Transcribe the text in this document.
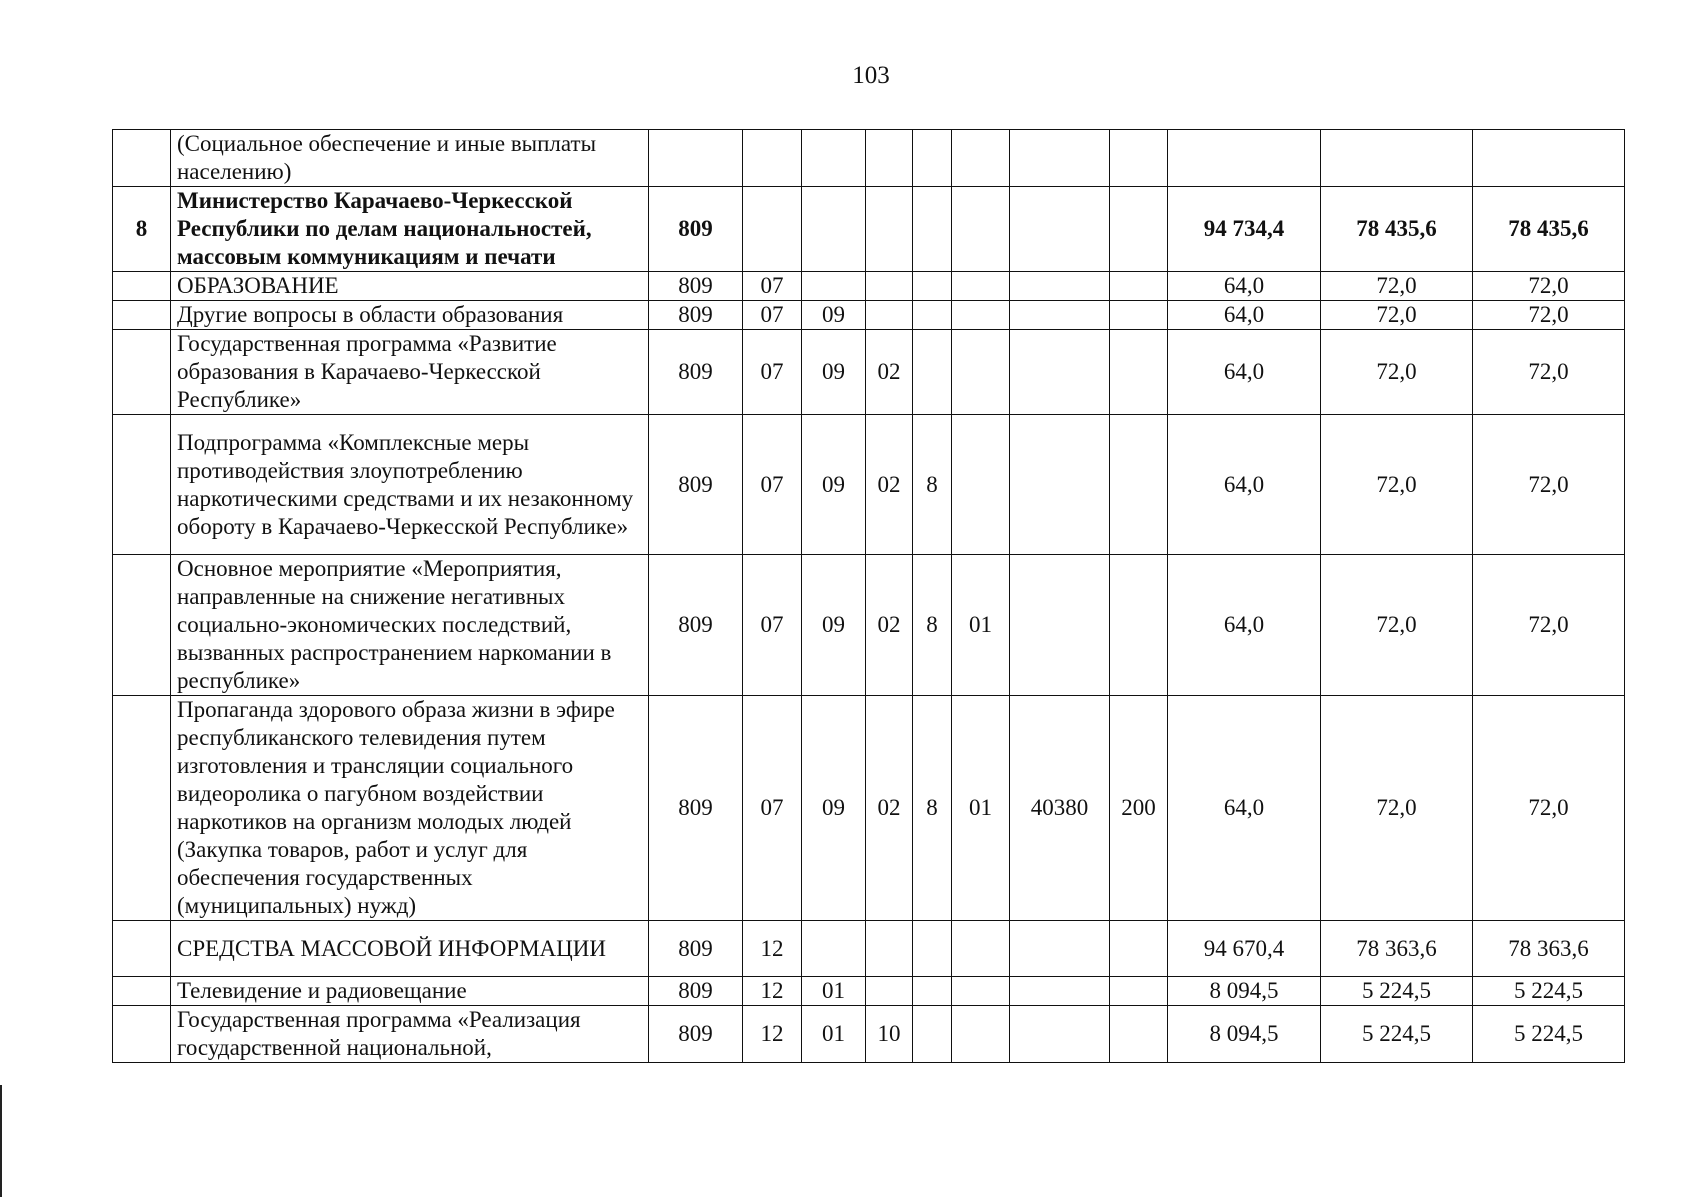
103
	(Социальное обеспечение и иные выплаты населению)											
8	Министерство Карачаево-Черкесской Республики по делам национальностей, массовым коммуникациям и печати	809								94 734,4	78 435,6	78 435,6
	ОБРАЗОВАНИЕ	809	07							64,0	72,0	72,0
	Другие вопросы в области образования	809	07	09						64,0	72,0	72,0
	Государственная программа «Развитие образования в Карачаево-Черкесской Республике»	809	07	09	02					64,0	72,0	72,0
	Подпрограмма «Комплексные меры противодействия злоупотреблению наркотическими средствами и их незаконному обороту в Карачаево-Черкесской Республике»	809	07	09	02	8				64,0	72,0	72,0
	Основное мероприятие «Мероприятия, направленные на снижение негативных социально-экономических последствий, вызванных распространением наркомании в республике»	809	07	09	02	8	01			64,0	72,0	72,0
	Пропаганда здорового образа жизни в эфире республиканского телевидения путем изготовления и трансляции социального видеоролика о пагубном воздействии наркотиков на организм молодых людей (Закупка товаров, работ и услуг для обеспечения государственных (муниципальных) нужд)	809	07	09	02	8	01	40380	200	64,0	72,0	72,0
	СРЕДСТВА МАССОВОЙ ИНФОРМАЦИИ	809	12							94 670,4	78 363,6	78 363,6
	Телевидение и радиовещание	809	12	01						8 094,5	5 224,5	5 224,5
	Государственная программа «Реализация государственной национальной,	809	12	01	10					8 094,5	5 224,5	5 224,5
